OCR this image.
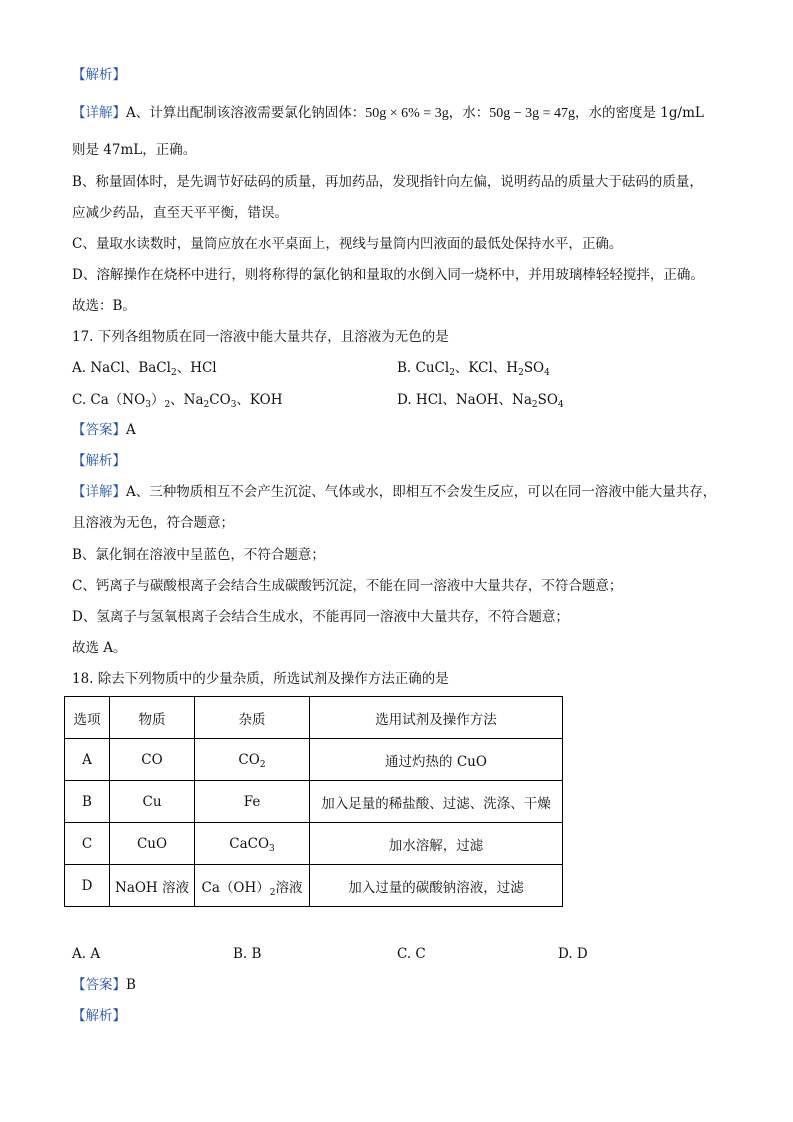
【解析】
【详解】A、计算出配制该溶液需要氯化钠固体：50g × 6% = 3g，水：50g − 3g = 47g，水的密度是 1g/mL
则是 47mL，正确。
B、称量固体时，是先调节好砝码的质量，再加药品，发现指针向左偏，说明药品的质量大于砝码的质量，
应减少药品，直至天平平衡，错误。
C、量取水读数时，量筒应放在水平桌面上，视线与量筒内凹液面的最低处保持水平，正确。
D、溶解操作在烧杯中进行，则将称得的氯化钠和量取的水倒入同一烧杯中，并用玻璃棒轻轻搅拌，正确。
故选：B。
17. 下列各组物质在同一溶液中能大量共存，且溶液为无色的是
A. NaCl、BaCl$_2$、HCl	B. CuCl$_2$、KCl、$H_2SO_4$
C. $Ca(NO_3)_2$、$Na_2CO_3$、KOH	D. HCl、NaOH、$Na_2SO_4$
【答案】A
【解析】
【详解】A、三种物质相互不会产生沉淀、气体或水，即相互不会发生反应，可以在同一溶液中能大量共存，
且溶液为无色，符合题意；
B、氯化铜在溶液中呈蓝色，不符合题意；
C、钙离子与碳酸根离子会结合生成碳酸钙沉淀，不能在同一溶液中大量共存，不符合题意；
D、氢离子与氢氧根离子会结合生成水，不能再同一溶液中大量共存，不符合题意；
故选 A。
18. 除去下列物质中的少量杂质，所选试剂及操作方法正确的是
选项	物质	杂质	选用试剂及操作方法
A	CO	$CO_2$	通过灼热的 CuO
B	Cu	Fe	加入足量的稀盐酸、过滤、洗涤、干燥
C	CuO	CaCO$_3$	加水溶解，过滤
D	NaOH 溶液	$Ca(OH)_2$溶液	加入过量的碳酸钠溶液，过滤
A. A	B. B	C. C	D. D
【答案】B
【解析】
